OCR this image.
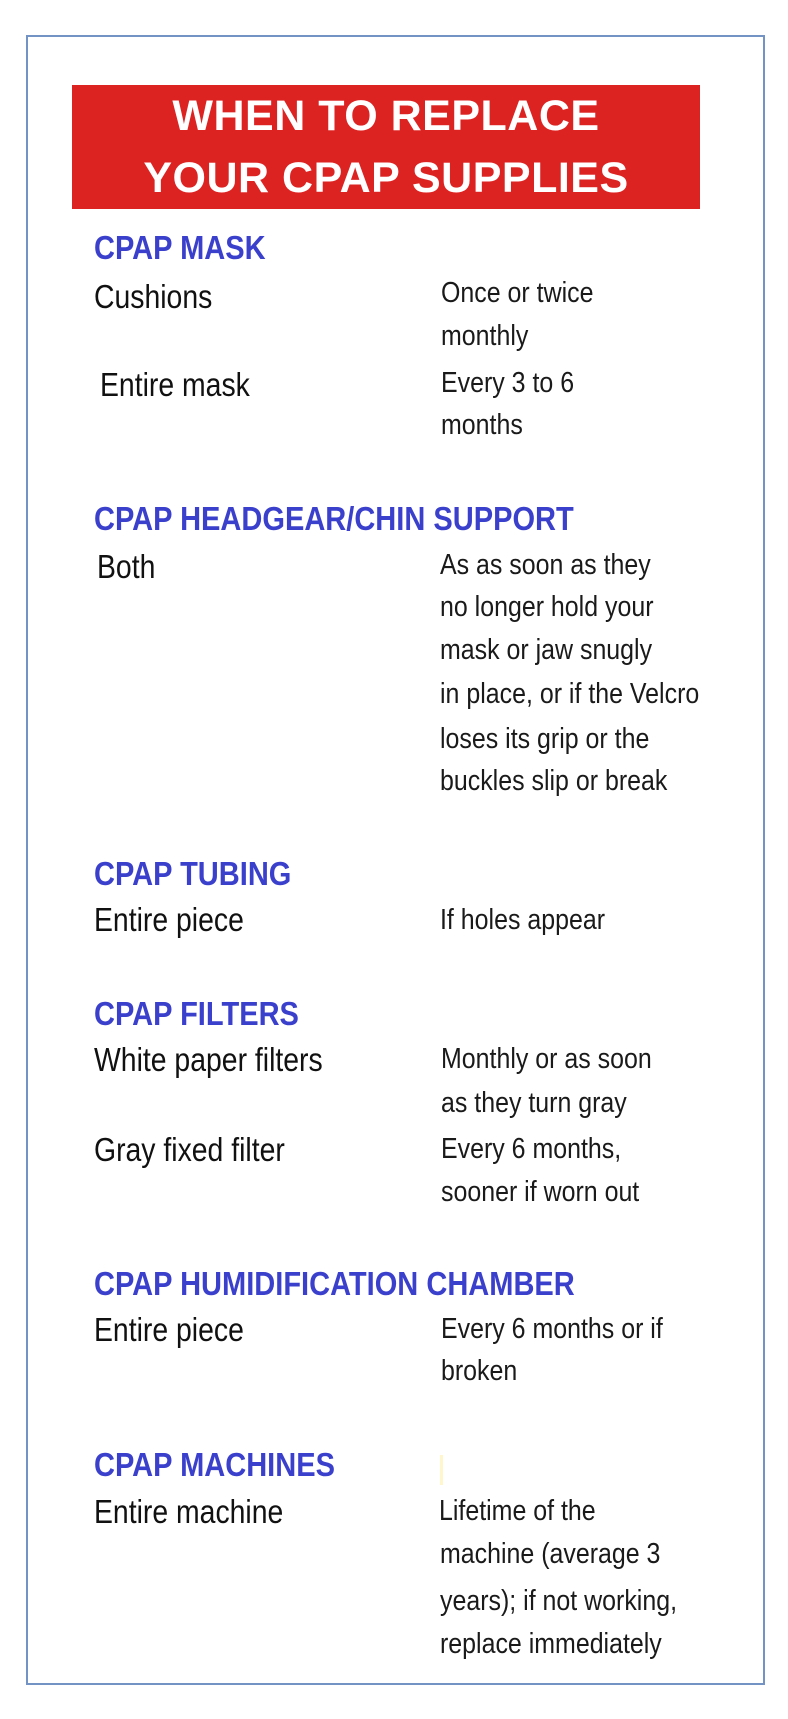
WHEN TO REPLACE
YOUR CPAP SUPPLIES
CPAP MASK
Cushions	Once or twice
monthly
Entire mask	Every 3 to 6
months
CPAP HEADGEAR/CHIN SUPPORT
Both	As as soon as they
no longer hold your
mask or jaw snugly
in place, or if the Velcro
loses its grip or the
buckles slip or break
CPAP TUBING
Entire piece	If holes appear
CPAP FILTERS
White paper filters	Monthly or as soon
as they turn gray
Gray fixed filter	Every 6 months,
sooner if worn out
CPAP HUMIDIFICATION CHAMBER
Entire piece	Every 6 months or if
broken
CPAP MACHINES
Entire machine	Lifetime of the
machine (average 3
years); if not working,
replace immediately
